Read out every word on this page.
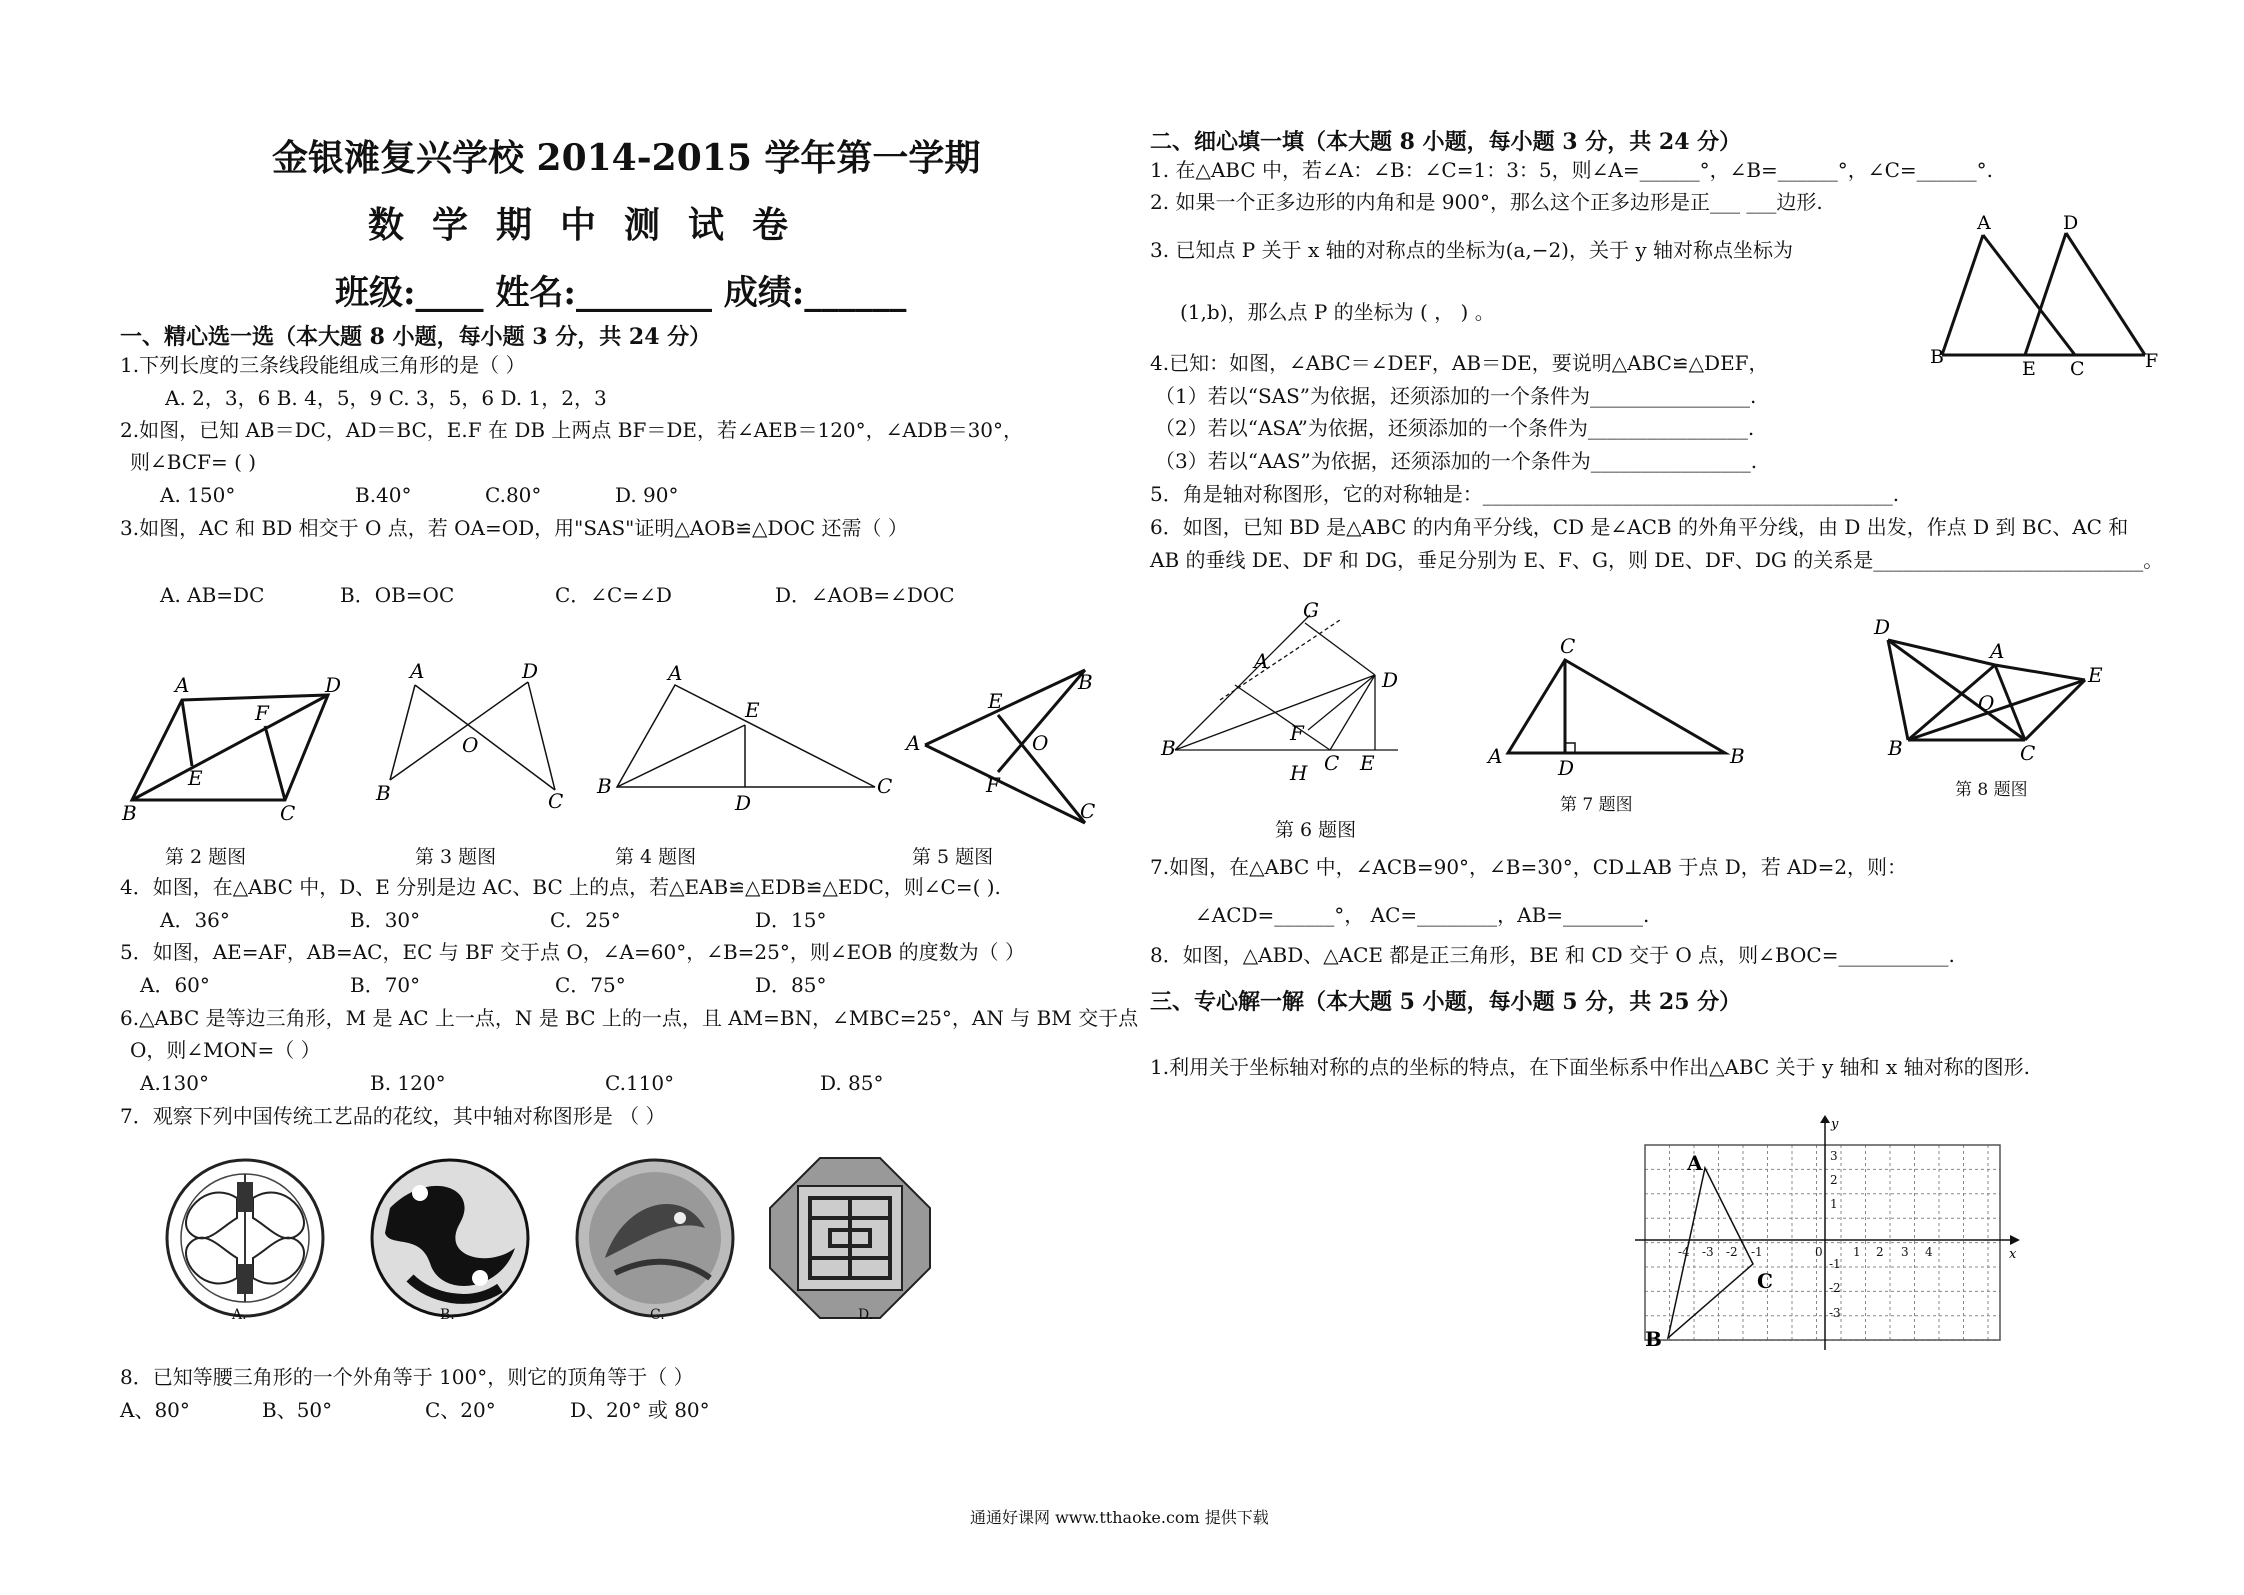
金银滩复兴学校 2014-2015 学年第一学期
数学期中测试卷
班级:____ 姓名:________ 成绩:______
一、精心选一选（本大题 8 小题，每小题 3 分，共 24 分）
1.下列长度的三条线段能组成三角形的是（ ）
A. 2，3，6 B. 4，5，9 C. 3，5，6 D. 1，2，3
2.如图，已知 AB＝DC，AD＝BC，E.F 在 DB 上两点 BF＝DE，若∠AEB＝120°，∠ADB＝30°，
则∠BCF= ( )
A. 150°	B.40°	C.80°	D. 90°
3.如图，AC 和 BD 相交于 O 点，若 OA=OD，用"SAS"证明△AOB≌△DOC 还需（ ）
A. AB=DC	B．OB=OC	C．∠C=∠D	D．∠AOB=∠DOC
A	D
B	C
F
E
A	D
B	C
O
A
E
B	C
D
A
B
C
E
F
O
第 2 题图	第 3 题图	第 4 题图	第 5 题图
4．如图，在△ABC 中，D、E 分别是边 AC、BC 上的点，若△EAB≌△EDB≌△EDC，则∠C=( ).
A．36°	B．30°	C．25°	D．15°
5．如图，AE=AF，AB=AC，EC 与 BF 交于点 O，∠A=60°，∠B=25°，则∠EOB 的度数为（ ）
A．60°	B．70°	C．75°	D．85°
6.△ABC 是等边三角形，M 是 AC 上一点，N 是 BC 上的一点，且 AM=BN，∠MBC=25°，AN 与 BM 交于点
O，则∠MON=（ ）
A.130°	B. 120°	C.110°	D. 85°
7．观察下列中国传统工艺品的花纹，其中轴对称图形是 （ ）
A.	B.	C.	D.
8．已知等腰三角形的一个外角等于 100°，则它的顶角等于（ ）
A、80°	B、50°	C、20°	D、20° 或 80°
二、细心填一填（本大题 8 小题，每小题 3 分，共 24 分）
1. 在△ABC 中，若∠A：∠B：∠C=1：3：5，则∠A=______°，∠B=______°，∠C=______°.
2. 如果一个正多边形的内角和是 900°，那么这个正多边形是正___ ___边形.
3. 已知点 P 关于 x 轴的对称点的坐标为(a,−2)，关于 y 轴对称点坐标为
(1,b)，那么点 P 的坐标为 ( ， ) 。
A	D
B
E C	F
4.已知：如图，∠ABC＝∠DEF，AB＝DE，要说明△ABC≌△DEF，
（1）若以“SAS”为依据，还须添加的一个条件为________________.
（2）若以“ASA”为依据，还须添加的一个条件为________________.
（3）若以“AAS”为依据，还须添加的一个条件为________________.
5．角是轴对称图形，它的对称轴是：_________________________________________.
6．如图，已知 BD 是△ABC 的内角平分线，CD 是∠ACB 的外角平分线，由 D 出发，作点 D 到 BC、AC 和
AB 的垂线 DE、DF 和 DG，垂足分别为 E、F、G，则 DE、DF、DG 的关系是___________________________。
G
A
D
B
F
C E
H
C
A	D	B
D
A
E
O
B	C
第 6 题图
第 7 题图
第 8 题图
7.如图，在△ABC 中，∠ACB=90°，∠B=30°，CD⊥AB 于点 D，若 AD=2，则：
∠ACD=______°， AC=________，AB=________.
8．如图，△ABD、△ACE 都是正三角形，BE 和 CD 交于 O 点，则∠BOC=___________.
三、专心解一解（本大题 5 小题，每小题 5 分，共 25 分）
1.利用关于坐标轴对称的点的坐标的特点，在下面坐标系中作出△ABC 关于 y 轴和 x 轴对称的图形.
y
x
-4 -3 -2 -1	0	1 2 3 4
3
2
1
-1
-2
-3
A
C
B
通通好课网 www.tthaoke.com 提供下载
